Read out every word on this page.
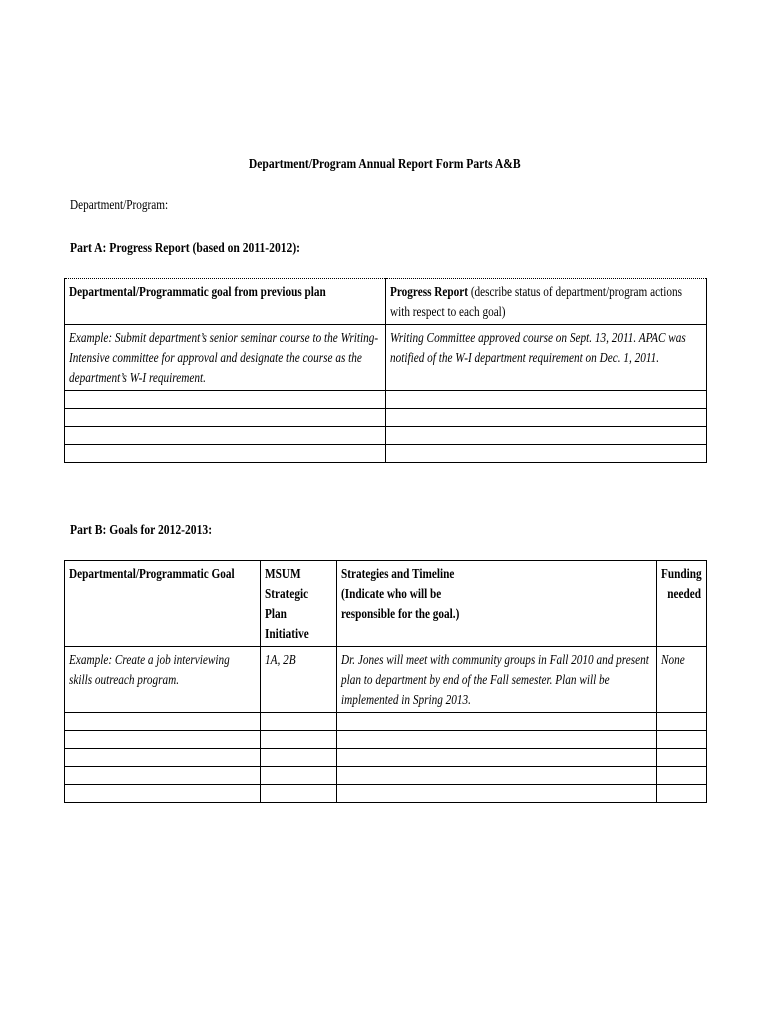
Department/Program Annual Report Form Parts A&B
Department/Program:
Part A: Progress Report (based on 2011-2012):
Departmental/Programmatic goal from previous plan	Progress Report (describe status of department/program actions with respect to each goal)

Example: Submit department’s senior seminar course to the Writing-Intensive committee for approval and designate the course as the department’s W-I requirement.	Writing Committee approved course on Sept. 13, 2011. APAC was notified of the W-I department requirement on Dec. 1, 2011.

Part B: Goals for 2012-2013:
Departmental/Programmatic Goal	MSUM Strategic Plan Initiative	Strategies and Timeline (Indicate who will be responsible for the goal.)	Funding needed

Example: Create a job interviewing skills outreach program.	1A, 2B	Dr. Jones will meet with community groups in Fall 2010 and present plan to department by end of the Fall semester. Plan will be implemented in Spring 2013.	None
